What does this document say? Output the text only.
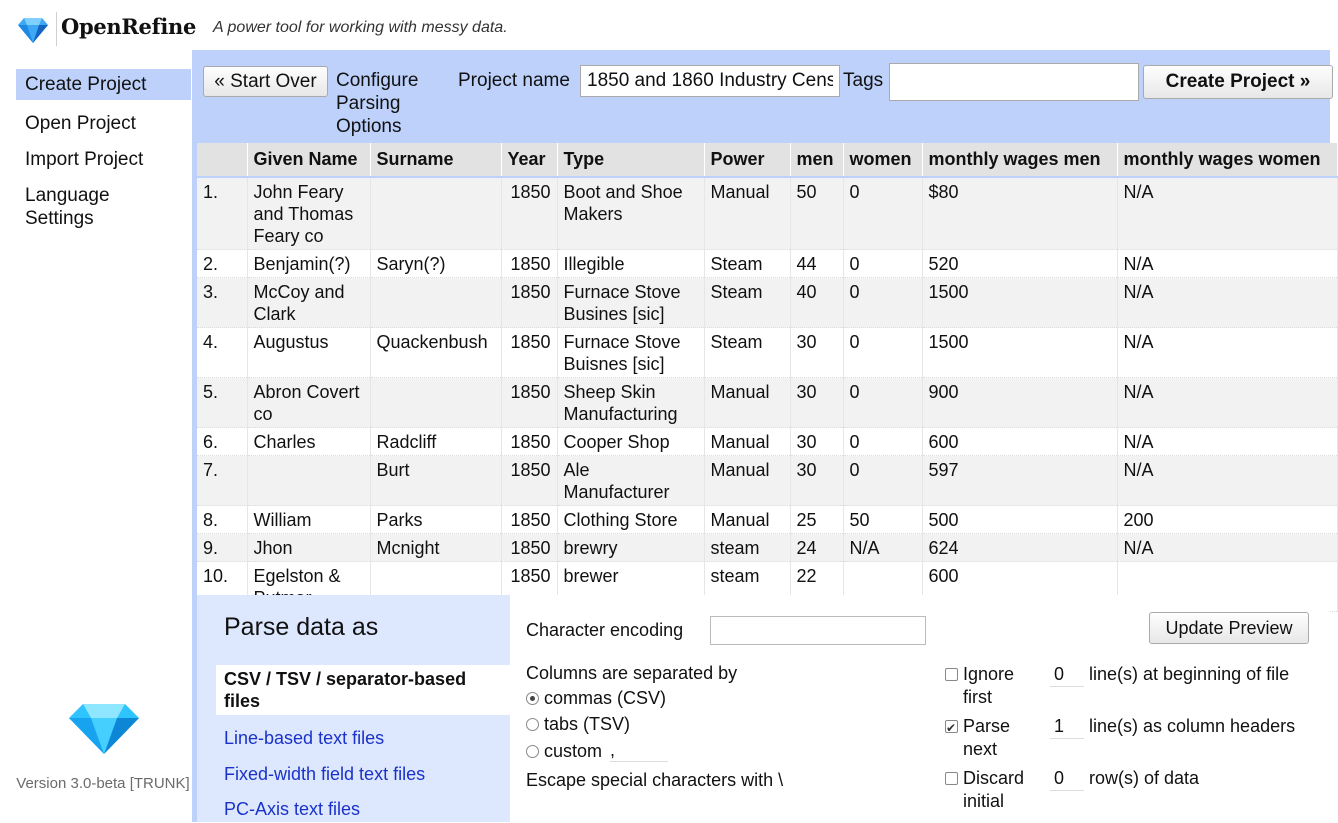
OpenRefine A power tool for working with messy data.
Create Project
Open Project
Import Project
Language Settings
Version 3.0-beta [TRUNK]
« Start Over	Configure Parsing Options
Project name
1850 and 1860 Industry Census	Tags	Create Project »
	Given Name	Surname	Year	Type	Power	men	women	monthly wages men	monthly wages women
1.	John Feary and Thomas Feary co		1850	Boot and Shoe Makers	Manual	50	0	$80	N/A
2.	Benjamin(?)	Saryn(?)	1850	Illegible	Steam	44	0	520	N/A
3.	McCoy and Clark		1850	Furnace Stove Busines [sic]	Steam	40	0	1500	N/A
4.	Augustus	Quackenbush	1850	Furnace Stove Buisnes [sic]	Steam	30	0	1500	N/A
5.	Abron Covert co		1850	Sheep Skin Manufacturing	Manual	30	0	900	N/A
6.	Charles	Radcliff	1850	Cooper Shop	Manual	30	0	600	N/A
7.		Burt	1850	Ale Manufacturer	Manual	30	0	597	N/A
8.	William	Parks	1850	Clothing Store	Manual	25	50	500	200
9.	Jhon	Mcnight	1850	brewry	steam	24	N/A	624	N/A
10.	Egelston &		1850	brewer	steam	22		600	
Parse data as
CSV / TSV / separator-based files
Line-based text files
Fixed-width field text files
PC-Axis text files
Character encoding	Update Preview
Columns are separated by
commas (CSV)
tabs (TSV)
custom ,
Escape special characters with \
Ignore first
line(s) at beginning of file
0
✔
Parse next
line(s) as column headers
1
Discard initial
row(s) of data
0
